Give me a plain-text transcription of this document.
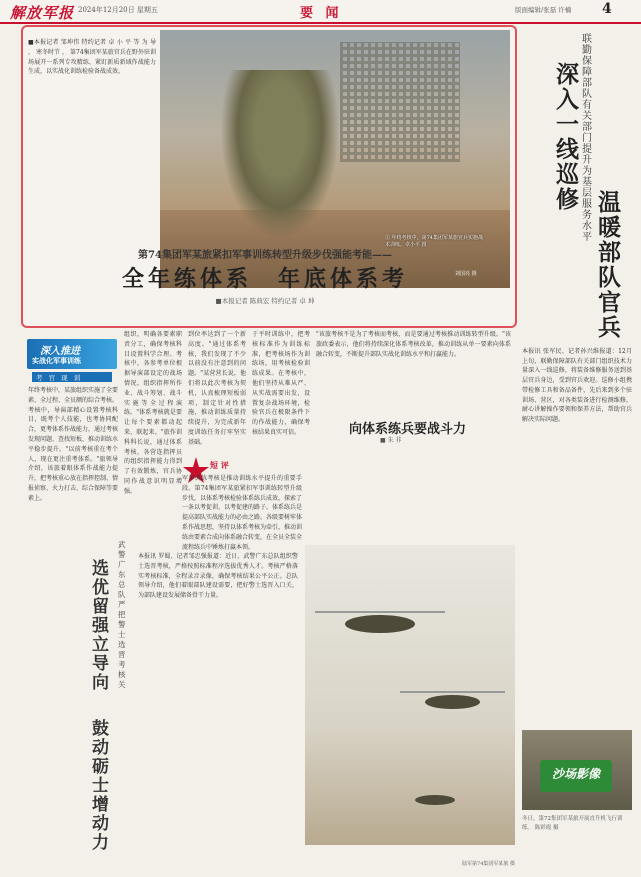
解放军报 2024年12月20日 星期五	要 闻	版面编辑/张磊 许楠 4
■本报记者 邹坤伟 特约记者 卓 小 平 等 为 导 ， 寒冬时节 ， 第74集团军某旅官兵在野外驻训场展开一系列专攻精练，紧盯新质新域作战能力生成，以实战化训练检验备战成效。
① 年终考核中，第74集团军某旅官兵实施战术训练。卓小平 摄
刘国亮 摄
第74集团军某旅紧扣军事训练转型升级步伐强能考能——
全年练体系　年底体系考
■本报记者 陈典宏 特约记者 卓 坤
联勤保障部队有关部门提升为基层服务水平
深入一线巡修 温暖部队官兵
本报讯 张军民、记者孙兴维报道：12月上旬，联勤保障部队有关部门组织技术力量深入一线巡修，将装备维修服务送到基层官兵身边，受到官兵欢迎。巡修小组携带检修工具和备品备件，先后来到多个驻训场、营区，对各类装备进行检测维修，耐心讲解操作要领和保养方法，帮助官兵解决实际问题。
深入推进
实战化军事训练
考 官 现 训
年终考核中，某旅组织实施了全要素、全过程、全员额的综合考核。考核中，导演部精心设置考核科目，既考个人技能，也考协同配合，更考体系作战能力，通过考核发现问题、查找短板，推动训练水平稳步提升。"以前考核重在考个人，现在更注重考体系。"旅领导介绍，该旅着眼体系作战能力提升，把考核重心放在指挥控制、情报侦察、火力打击、综合保障等要素上。
组织，明确各要素职责分工，确保考核科目设置科学合理。考核中，各参考单位根据导演部设定的战场情况，组织指挥所作业、战斗筹划、战斗实施等全过程演练。"体系考核就是要让每个要素都动起来、联起来。"旅作训科科长说，通过体系考核，各营连指挥员的组织指挥能力得到了有效锻炼，官兵协同作战意识明显增强。
到位率达到了一个新高度。"通过体系考核，我们发现了不少以前没有注意到的问题。"某营营长说，他们将以此次考核为契机，认真梳理短板弱项，制定针对性措施，推动训练质量持续提升，为完成新年度训练任务打牢坚实基础。
于平时训练中，把考核标准作为训练标准，把考核场作为训练场，用考核检验训练成果。在考核中，他们坚持从难从严、从实战需要出发，设置复杂战场环境，检验官兵在极限条件下的作战能力，确保考核结果真实可信。
"该旅考核不是为了考核而考核，而是要通过考核推动训练转型升级。"该旅政委表示，他们将持续深化体系考核改革，推动训练从单一要素向体系融合转变，不断提升部队实战化训练水平和打赢能力。
向体系练兵要战斗力
■ 朱 非
短 评
军事训练考核是推动训练水平提升的重要手段。第74集团军某旅紧扣军事训练转型升级步伐，以体系考核检验体系练兵成效，探索了一条以考促训、以考促建的路子。体系练兵是提高部队实战能力的必由之路。各级要树牢体系作战思想，坚持以体系考核为牵引，推动训练由要素合成向体系融合转变，在全员全装全流程练兵中锤炼打赢本领。
武警广东总队严把警士选晋考核关
选优留强立导向
鼓动砺士增动力
本报讯 罗蜀、记者邹忠强报道：近日，武警广东总队组织警士选晋考核，严格按照标准程序选拔优秀人才。考核严格落实考核标准，全程录音录像，确保考核结果公平公正。总队领导介绍，他们着眼部队建设需要，把好警士选晋入口关，为部队建设发展储备骨干力量。
陆军第74集团军某旅 摄
沙场影像
冬日，第72集团军某旅开展直升机飞行训练。 陈彩霞 摄
